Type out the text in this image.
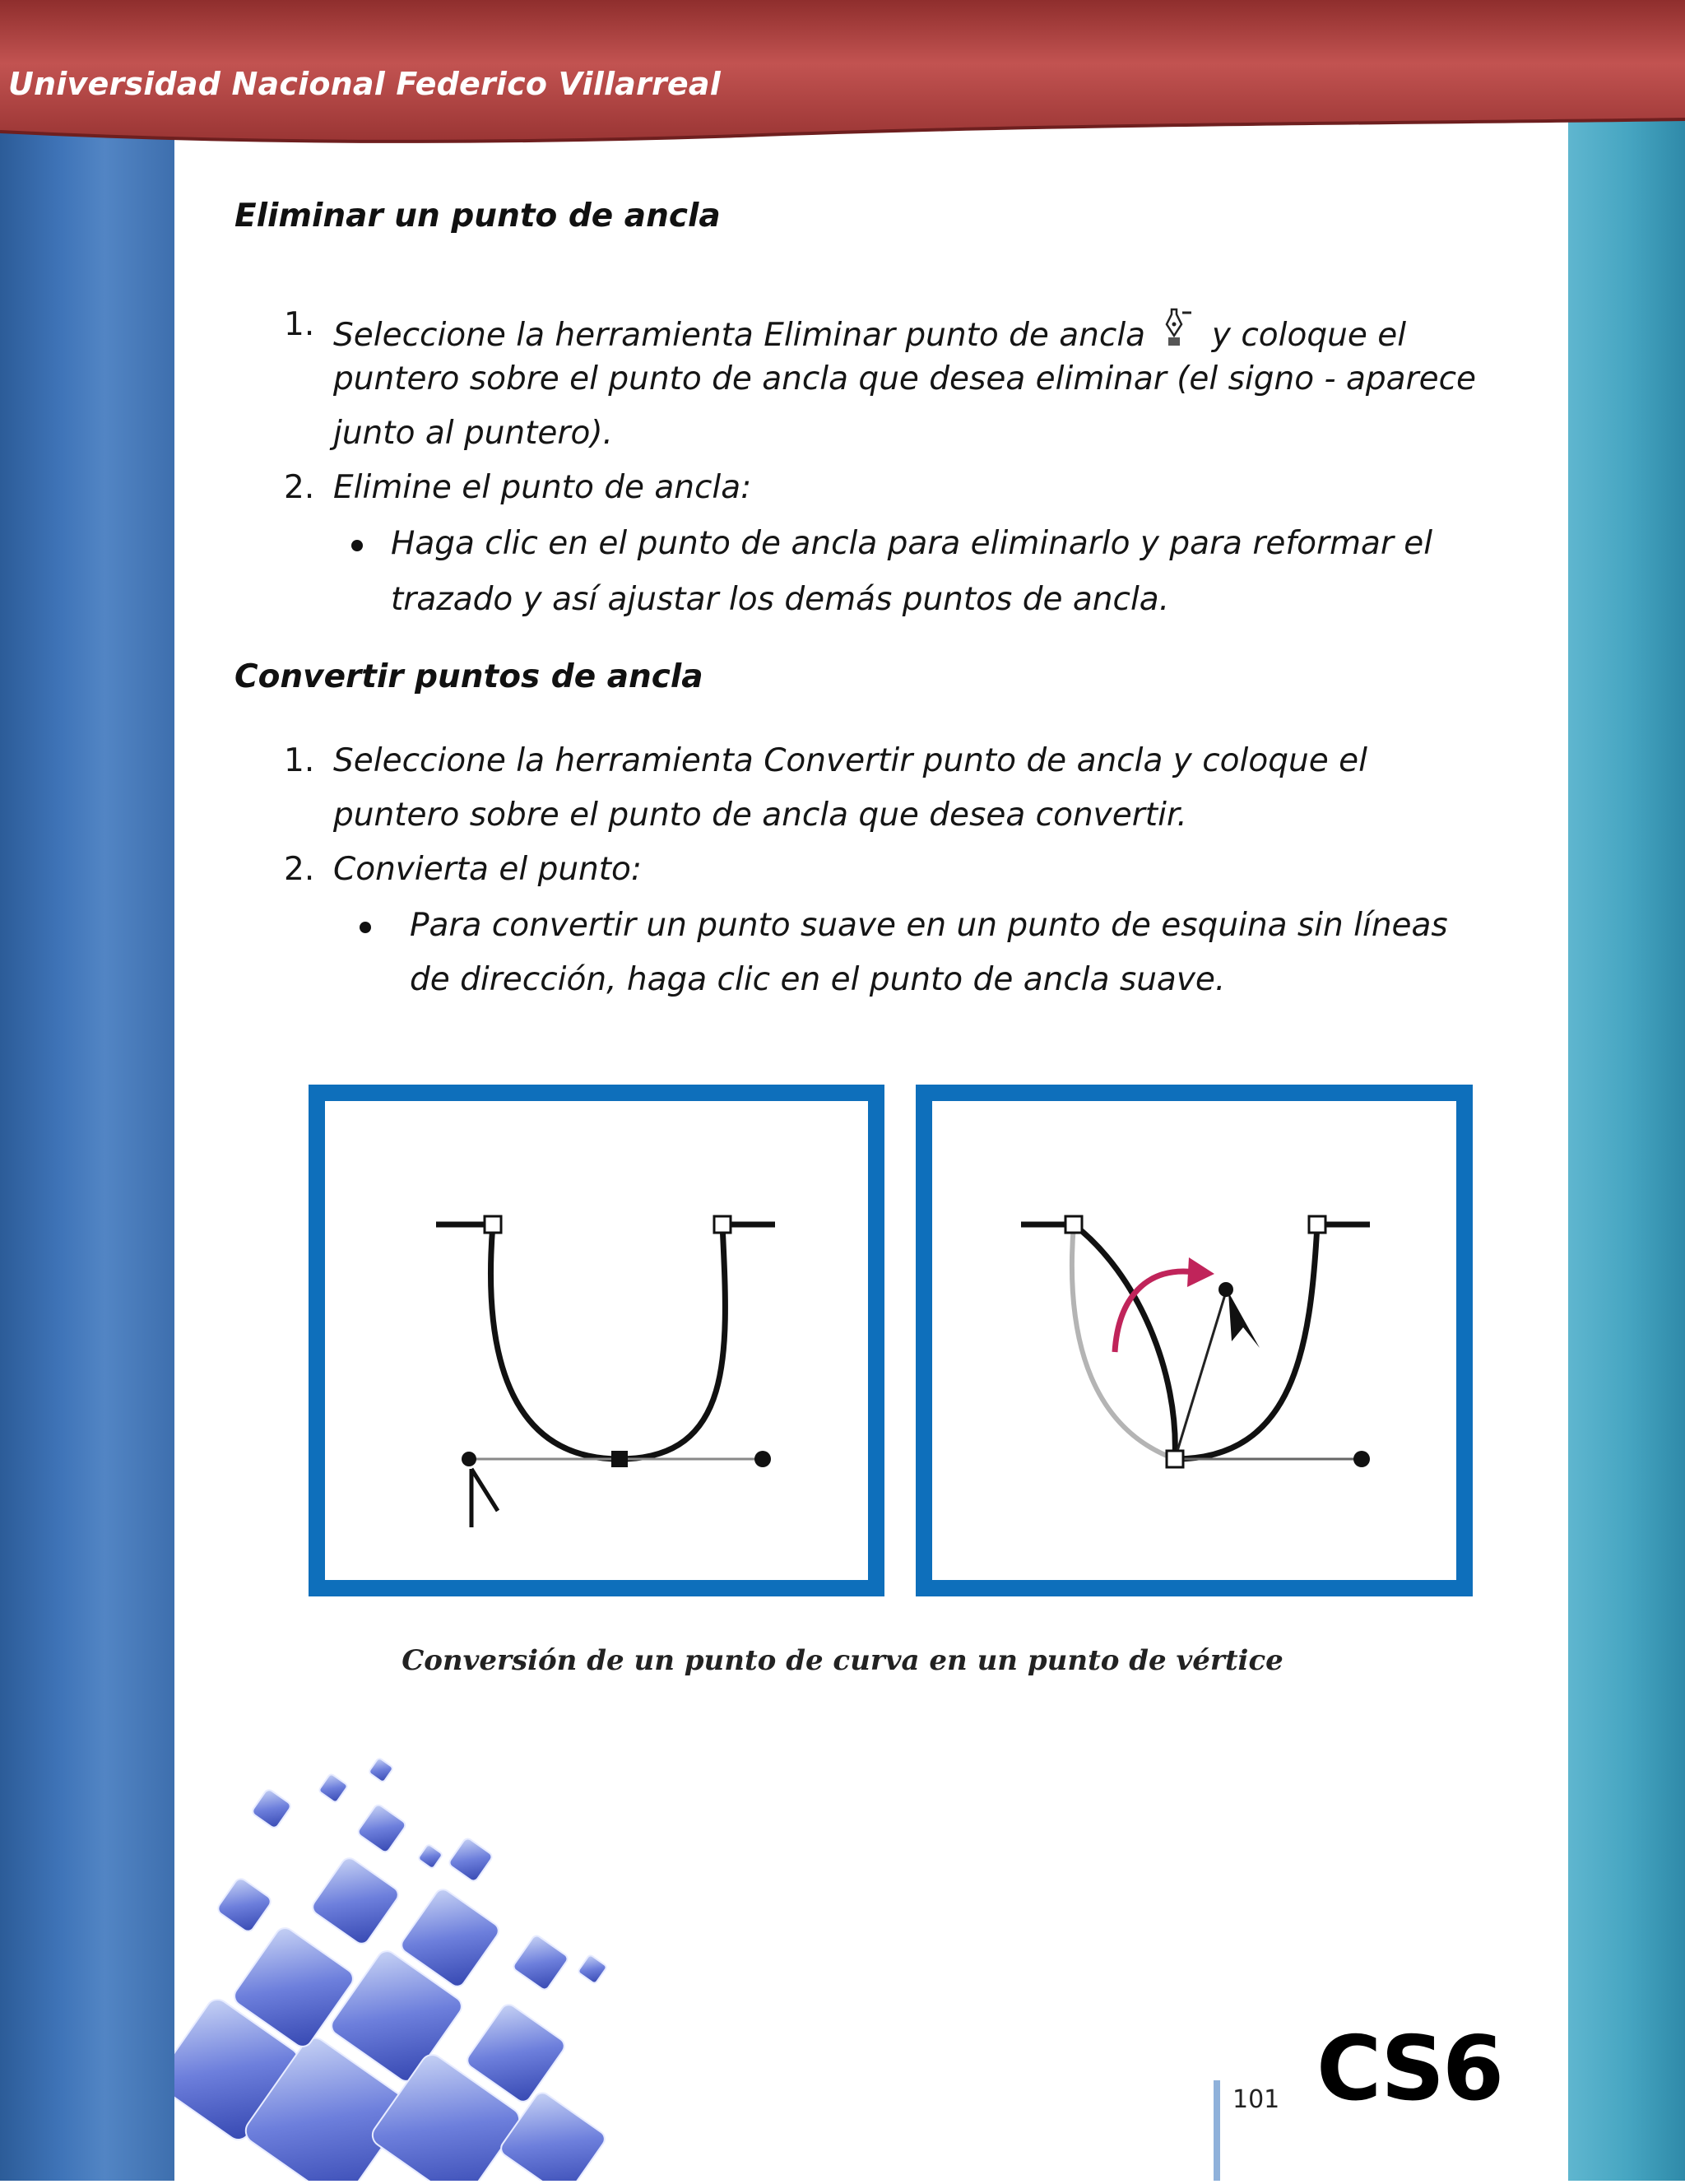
Universidad Nacional Federico Villarreal
Eliminar un punto de ancla
1. Seleccione la herramienta Eliminar punto de ancla y coloque el
puntero sobre el punto de ancla que desea eliminar (el signo - aparece
junto al puntero).
2. Elimine el punto de ancla:
Haga clic en el punto de ancla para eliminarlo y para reformar el
trazado y así ajustar los demás puntos de ancla.
Convertir puntos de ancla
1. Seleccione la herramienta Convertir punto de ancla y coloque el
puntero sobre el punto de ancla que desea convertir.
2. Convierta el punto:
Para convertir un punto suave en un punto de esquina sin líneas
de dirección, haga clic en el punto de ancla suave.
Conversión de un punto de curva en un punto de vértice
101 CS6
